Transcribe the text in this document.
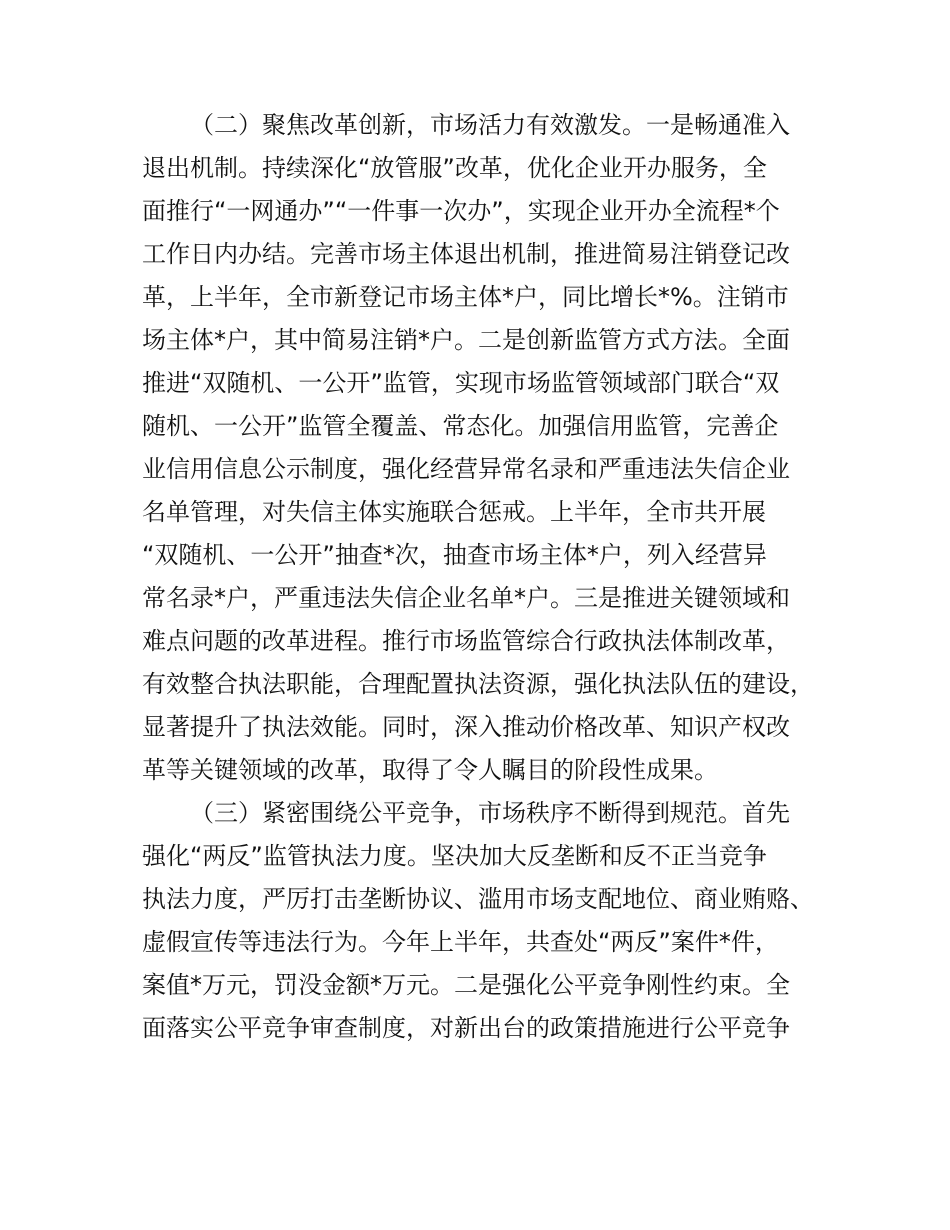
（二）聚焦改革创新，市场活力有效激发。一是畅通准入
退出机制。持续深化“放管服”改革，优化企业开办服务，全
面推行“一网通办”“一件事一次办”，实现企业开办全流程*个
工作日内办结。完善市场主体退出机制，推进简易注销登记改
革，上半年，全市新登记市场主体*户，同比增长*%。注销市
场主体*户，其中简易注销*户。二是创新监管方式方法。全面
推进“双随机、一公开”监管，实现市场监管领域部门联合“双
随机、一公开”监管全覆盖、常态化。加强信用监管，完善企
业信用信息公示制度，强化经营异常名录和严重违法失信企业
名单管理，对失信主体实施联合惩戒。上半年，全市共开展
“双随机、一公开”抽查*次，抽查市场主体*户，列入经营异
常名录*户，严重违法失信企业名单*户。三是推进关键领域和
难点问题的改革进程。推行市场监管综合行政执法体制改革，
有效整合执法职能，合理配置执法资源，强化执法队伍的建设，
显著提升了执法效能。同时，深入推动价格改革、知识产权改
革等关键领域的改革，取得了令人瞩目的阶段性成果。
（三）紧密围绕公平竞争，市场秩序不断得到规范。首先
强化“两反”监管执法力度。坚决加大反垄断和反不正当竞争
执法力度，严厉打击垄断协议、滥用市场支配地位、商业贿赂、
虚假宣传等违法行为。今年上半年，共查处“两反”案件*件，
案值*万元，罚没金额*万元。二是强化公平竞争刚性约束。全
面落实公平竞争审查制度，对新出台的政策措施进行公平竞争
